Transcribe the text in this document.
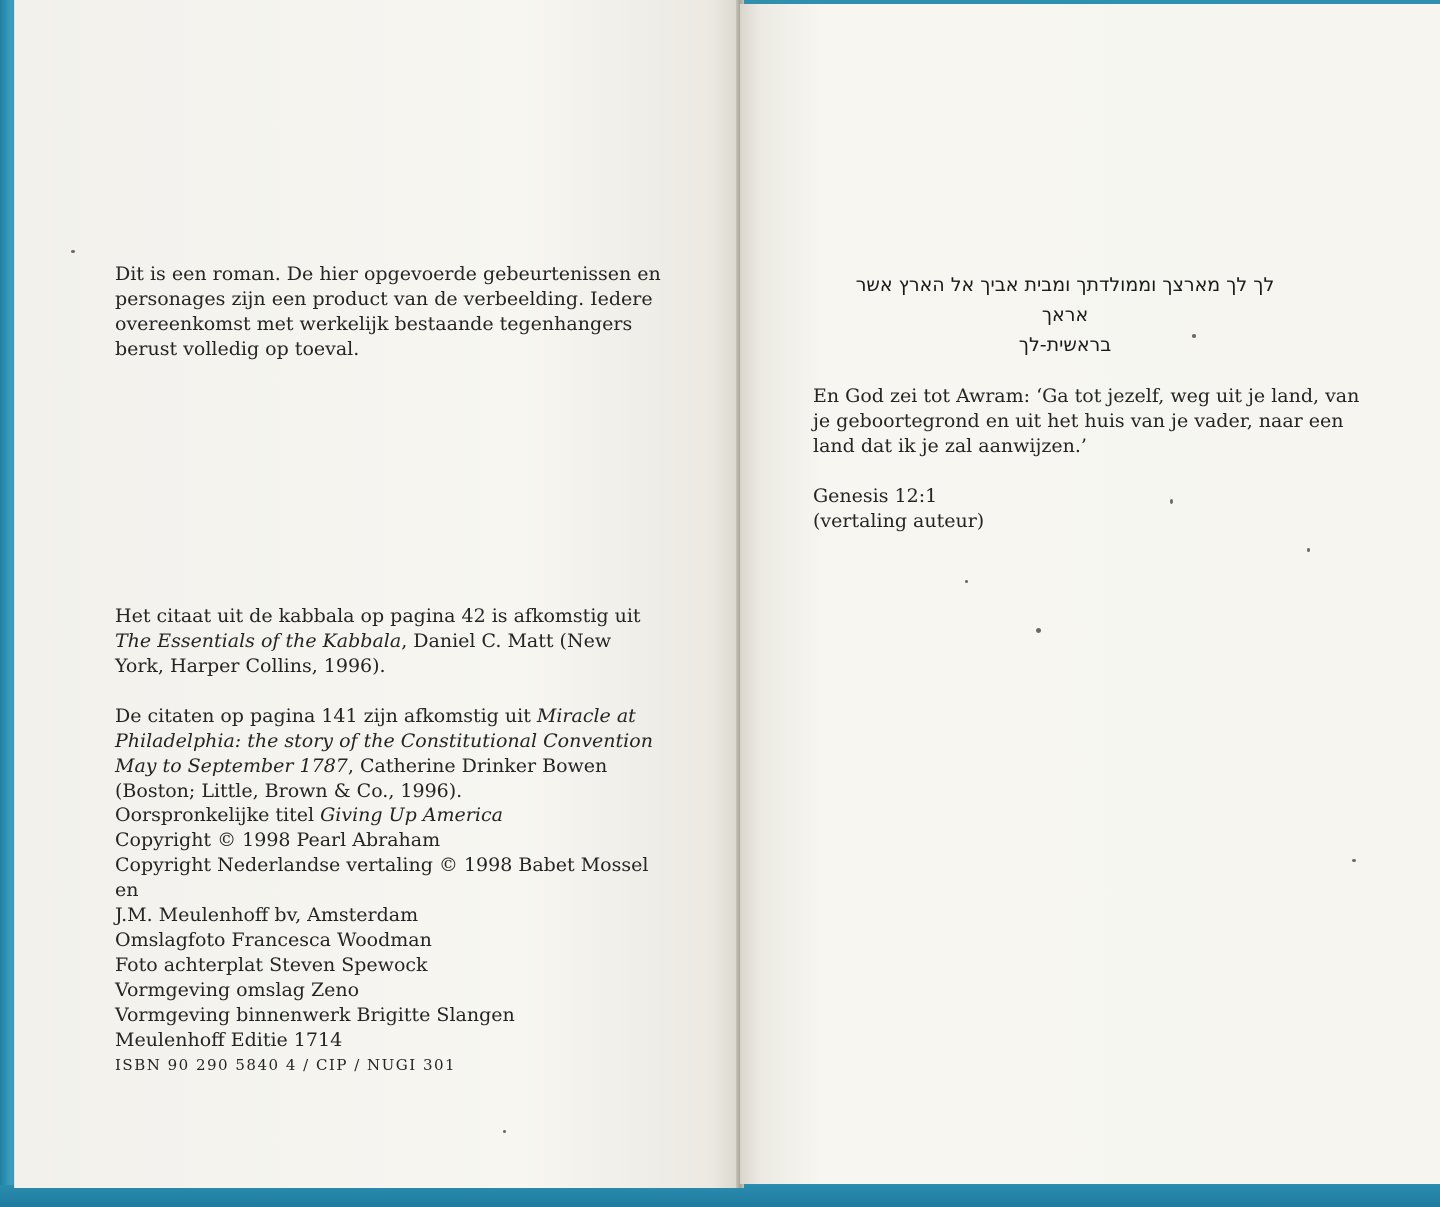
Dit is een roman. De hier opgevoerde gebeurtenissen en personages zijn een product van de verbeelding. Iedere overeenkomst met werkelijk bestaande tegenhangers berust volledig op toeval.

Het citaat uit de kabbala op pagina 42 is afkomstig uit The Essentials of the Kabbala, Daniel C. Matt (New York, Harper Collins, 1996).

De citaten op pagina 141 zijn afkomstig uit Miracle at Philadelphia: the story of the Constitutional Convention May to September 1787, Catherine Drinker Bowen (Boston; Little, Brown & Co., 1996).

Oorspronkelijke titel Giving Up America

Copyright © 1998 Pearl Abraham

Copyright Nederlandse vertaling © 1998 Babet Mossel en

J.M. Meulenhoff bv, Amsterdam

Omslagfoto Francesca Woodman

Foto achterplat Steven Spewock

Vormgeving omslag Zeno

Vormgeving binnenwerk Brigitte Slangen

Meulenhoff Editie 1714

ISBN 90 290 5840 4 / CIP / NUGI 301

לך לך מארצך וממולדתך ומבית אביך אל הארץ אשר אראך
בראשית-לך

En God zei tot Awram: ‘Ga tot jezelf, weg uit je land, van je geboortegrond en uit het huis van je vader, naar een land dat ik je zal aanwijzen.’

Genesis 12:1

(vertaling auteur)
